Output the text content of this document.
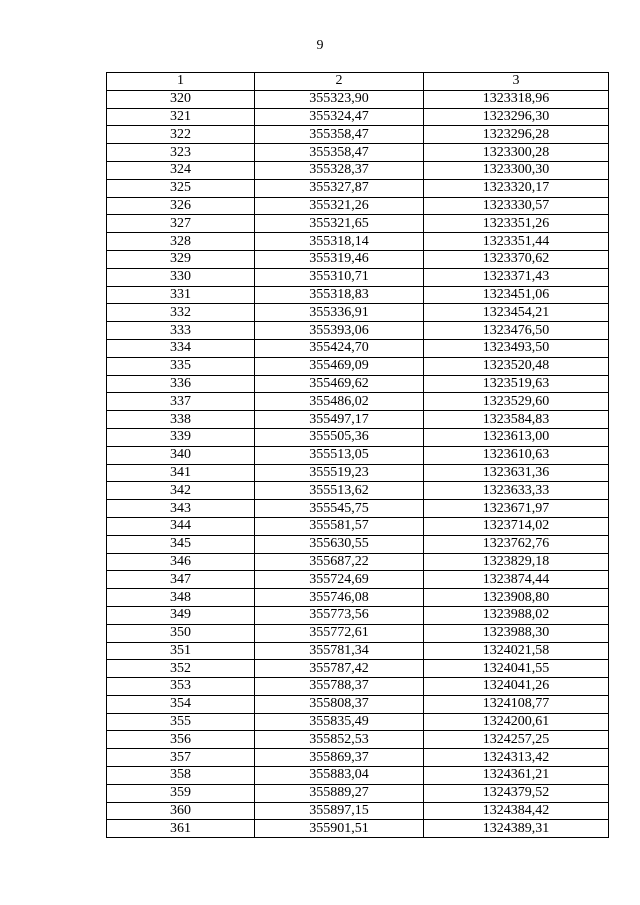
9
1	2	3
320	355323,90	1323318,96
321	355324,47	1323296,30
322	355358,47	1323296,28
323	355358,47	1323300,28
324	355328,37	1323300,30
325	355327,87	1323320,17
326	355321,26	1323330,57
327	355321,65	1323351,26
328	355318,14	1323351,44
329	355319,46	1323370,62
330	355310,71	1323371,43
331	355318,83	1323451,06
332	355336,91	1323454,21
333	355393,06	1323476,50
334	355424,70	1323493,50
335	355469,09	1323520,48
336	355469,62	1323519,63
337	355486,02	1323529,60
338	355497,17	1323584,83
339	355505,36	1323613,00
340	355513,05	1323610,63
341	355519,23	1323631,36
342	355513,62	1323633,33
343	355545,75	1323671,97
344	355581,57	1323714,02
345	355630,55	1323762,76
346	355687,22	1323829,18
347	355724,69	1323874,44
348	355746,08	1323908,80
349	355773,56	1323988,02
350	355772,61	1323988,30
351	355781,34	1324021,58
352	355787,42	1324041,55
353	355788,37	1324041,26
354	355808,37	1324108,77
355	355835,49	1324200,61
356	355852,53	1324257,25
357	355869,37	1324313,42
358	355883,04	1324361,21
359	355889,27	1324379,52
360	355897,15	1324384,42
361	355901,51	1324389,31
